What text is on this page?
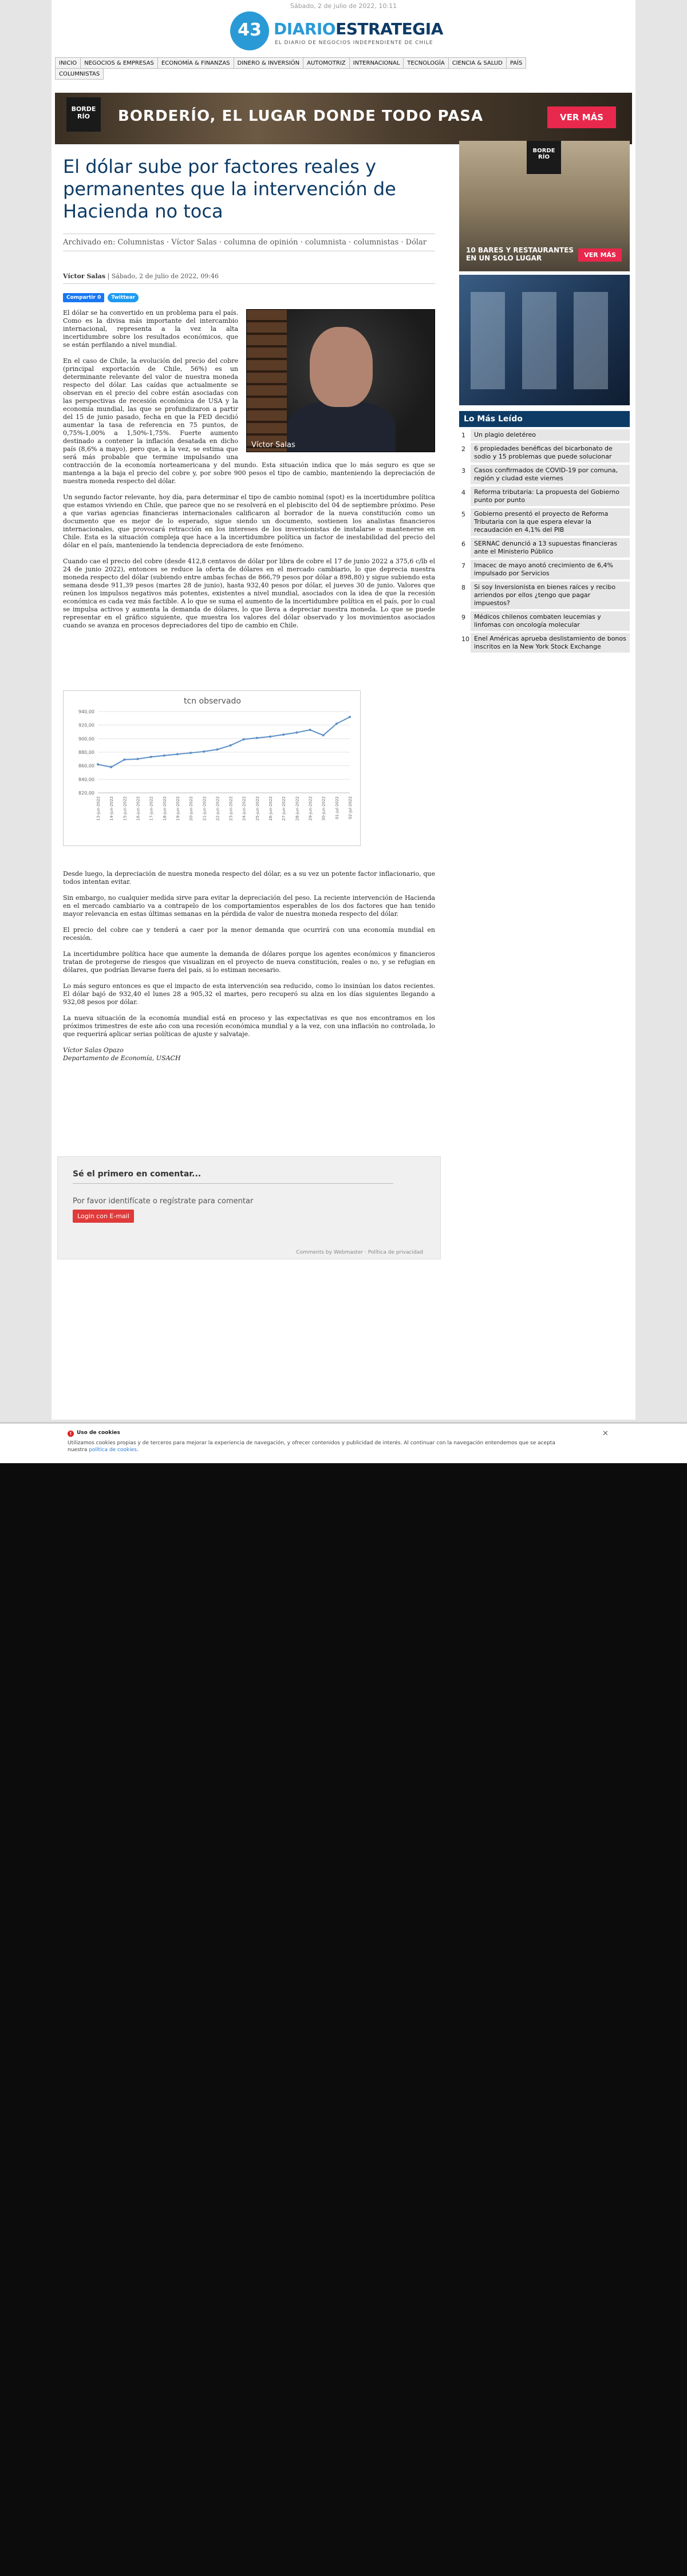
Sábado, 2 de julio de 2022, 10:11
43 DIARIOESTRATEGIA
EL DIARIO DE NEGOCIOS INDEPENDIENTE DE CHILE
INICIO	NEGOCIOS & EMPRESAS	ECONOMÍA & FINANZAS	DINERO & INVERSIÓN	AUTOMOTRIZ	INTERNACIONAL	TECNOLOGÍA	CIENCIA & SALUD	PAÍS
COLUMNISTAS
BORDE RÍO	BORDERÍO, EL LUGAR DONDE TODO PASA	VER MÁS
El dólar sube por factores reales y permanentes que la intervención de Hacienda no toca
Archivado en: Columnistas · Víctor Salas · columna de opinión · columnista · columnistas · Dólar
Víctor Salas | Sábado, 2 de julio de 2022, 09:46
Compartir 0	Twittear
Víctor Salas

El dólar se ha convertido en un problema para el país. Como es la divisa más importante del intercambio internacional, representa a la vez la alta incertidumbre sobre los resultados económicos, que se están perfilando a nivel mundial.

En el caso de Chile, la evolución del precio del cobre (principal exportación de Chile, 56%) es un determinante relevante del valor de nuestra moneda respecto del dólar. Las caídas que actualmente se observan en el precio del cobre están asociadas con las perspectivas de recesión económica de USA y la economía mundial, las que se profundizaron a partir del 15 de junio pasado, fecha en que la FED decidió aumentar la tasa de referencia en 75 puntos, de 0,75%-1,00% a 1,50%-1,75%. Fuerte aumento destinado a contener la inflación desatada en dicho país (8,6% a mayo), pero que, a la vez, se estima que será más probable que termine impulsando una contracción de la economía norteamericana y del mundo. Esta situación indica que lo más seguro es que se mantenga a la baja el precio del cobre y, por sobre 900 pesos el tipo de cambio, manteniendo la depreciación de nuestra moneda respecto del dólar.

Un segundo factor relevante, hoy día, para determinar el tipo de cambio nominal (spot) es la incertidumbre política que estamos viviendo en Chile, que parece que no se resolverá en el plebiscito del 04 de septiembre próximo. Pese a que varias agencias financieras internacionales calificaron al borrador de la nueva constitución como un documento que es mejor de lo esperado, sigue siendo un documento, sostienen los analistas financieros internacionales, que provocará retracción en los intereses de los inversionistas de instalarse o mantenerse en Chile. Esta es la situación compleja que hace a la incertidumbre política un factor de inestabilidad del precio del dólar en el país, manteniendo la tendencia depreciadora de este fenómeno.

Cuando cae el precio del cobre (desde 412,8 centavos de dólar por libra de cobre el 17 de junio 2022 a 375,6 c/lb el 24 de junio 2022), entonces se reduce la oferta de dólares en el mercado cambiario, lo que deprecia nuestra moneda respecto del dólar (subiendo entre ambas fechas de 866,79 pesos por dólar a 898,80) y sigue subiendo esta semana desde 911,39 pesos (martes 28 de junio), hasta 932,40 pesos por dólar, el jueves 30 de junio. Valores que reúnen los impulsos negativos más potentes, existentes a nivel mundial, asociados con la idea de que la recesión económica es cada vez más factible. A lo que se suma el aumento de la incertidumbre política en el país, por lo cual se impulsa activos y aumenta la demanda de dólares, lo que lleva a depreciar nuestra moneda. Lo que se puede representar en el gráfico siguiente, que muestra los valores del dólar observado y los movimientos asociados cuando se avanza en procesos depreciadores del tipo de cambio en Chile.

tcn observado
820,00
840,00
860,00
880,00
900,00
920,00
940,00
13-jun-2022 14-jun-2022 15-jun-2022 16-jun-2022 17-jun-2022 18-jun-2022 19-jun-2022 20-jun-2022 21-jun-2022 22-jun-2022 23-jun-2022 24-jun-2022 25-jun-2022 26-jun-2022 27-jun-2022 28-jun-2022 29-jun-2022 30-jun-2022 01-jul-2022 02-jul-2022

Desde luego, la depreciación de nuestra moneda respecto del dólar, es a su vez un potente factor inflacionario, que todos intentan evitar.

Sin embargo, no cualquier medida sirve para evitar la depreciación del peso. La reciente intervención de Hacienda en el mercado cambiario va a contrapelo de los comportamientos esperables de los dos factores que han tenido mayor relevancia en estas últimas semanas en la pérdida de valor de nuestra moneda respecto del dólar.

El precio del cobre cae y tenderá a caer por la menor demanda que ocurrirá con una economía mundial en recesión.

La incertidumbre política hace que aumente la demanda de dólares porque los agentes económicos y financieros tratan de protegerse de riesgos que visualizan en el proyecto de nueva constitución, reales o no, y se refugian en dólares, que podrían llevarse fuera del país, si lo estiman necesario.

Lo más seguro entonces es que el impacto de esta intervención sea reducido, como lo insinúan los datos recientes. El dólar bajó de 932,40 el lunes 28 a 905,32 el martes, pero recuperó su alza en los días siguientes llegando a 932,08 pesos por dólar.

La nueva situación de la economía mundial está en proceso y las expectativas es que nos encontramos en los próximos trimestres de este año con una recesión económica mundial y a la vez, con una inflación no controlada, lo que requerirá aplicar serias políticas de ajuste y salvataje.

Víctor Salas Opazo
Departamento de Economía, USACH

Sé el primero en comentar...
Por favor identifícate o regístrate para comentar
Login con E-mail
Comments by Webmaster · Política de privacidad
BORDE RÍO
10 BARES Y RESTAURANTES EN UN SOLO LUGAR	VER MÁS
Lo Más Leído
1	Un plagio deletéreo
2	6 propiedades benéficas del bicarbonato de sodio y 15 problemas que puede solucionar
3	Casos confirmados de COVID-19 por comuna, región y ciudad este viernes
4	Reforma tributaria: La propuesta del Gobierno punto por punto
5	Gobierno presentó el proyecto de Reforma Tributaria con la que espera elevar la recaudación en 4,1% del PIB
6	SERNAC denunció a 13 supuestas financieras ante el Ministerio Público
7	Imacec de mayo anotó crecimiento de 6,4% impulsado por Servicios
8	Si soy Inversionista en bienes raíces y recibo arriendos por ellos ¿tengo que pagar impuestos?
9	Médicos chilenos combaten leucemias y linfomas con oncología molecular
10 Enel Américas aprueba deslistamiento de bonos inscritos en la New York Stock Exchange
! Uso de cookies
Utilizamos cookies propias y de terceros para mejorar la experiencia de navegación, y ofrecer contenidos y publicidad de interés. Al continuar con la navegación entendemos que se acepta nuestra política de cookies.
✕
